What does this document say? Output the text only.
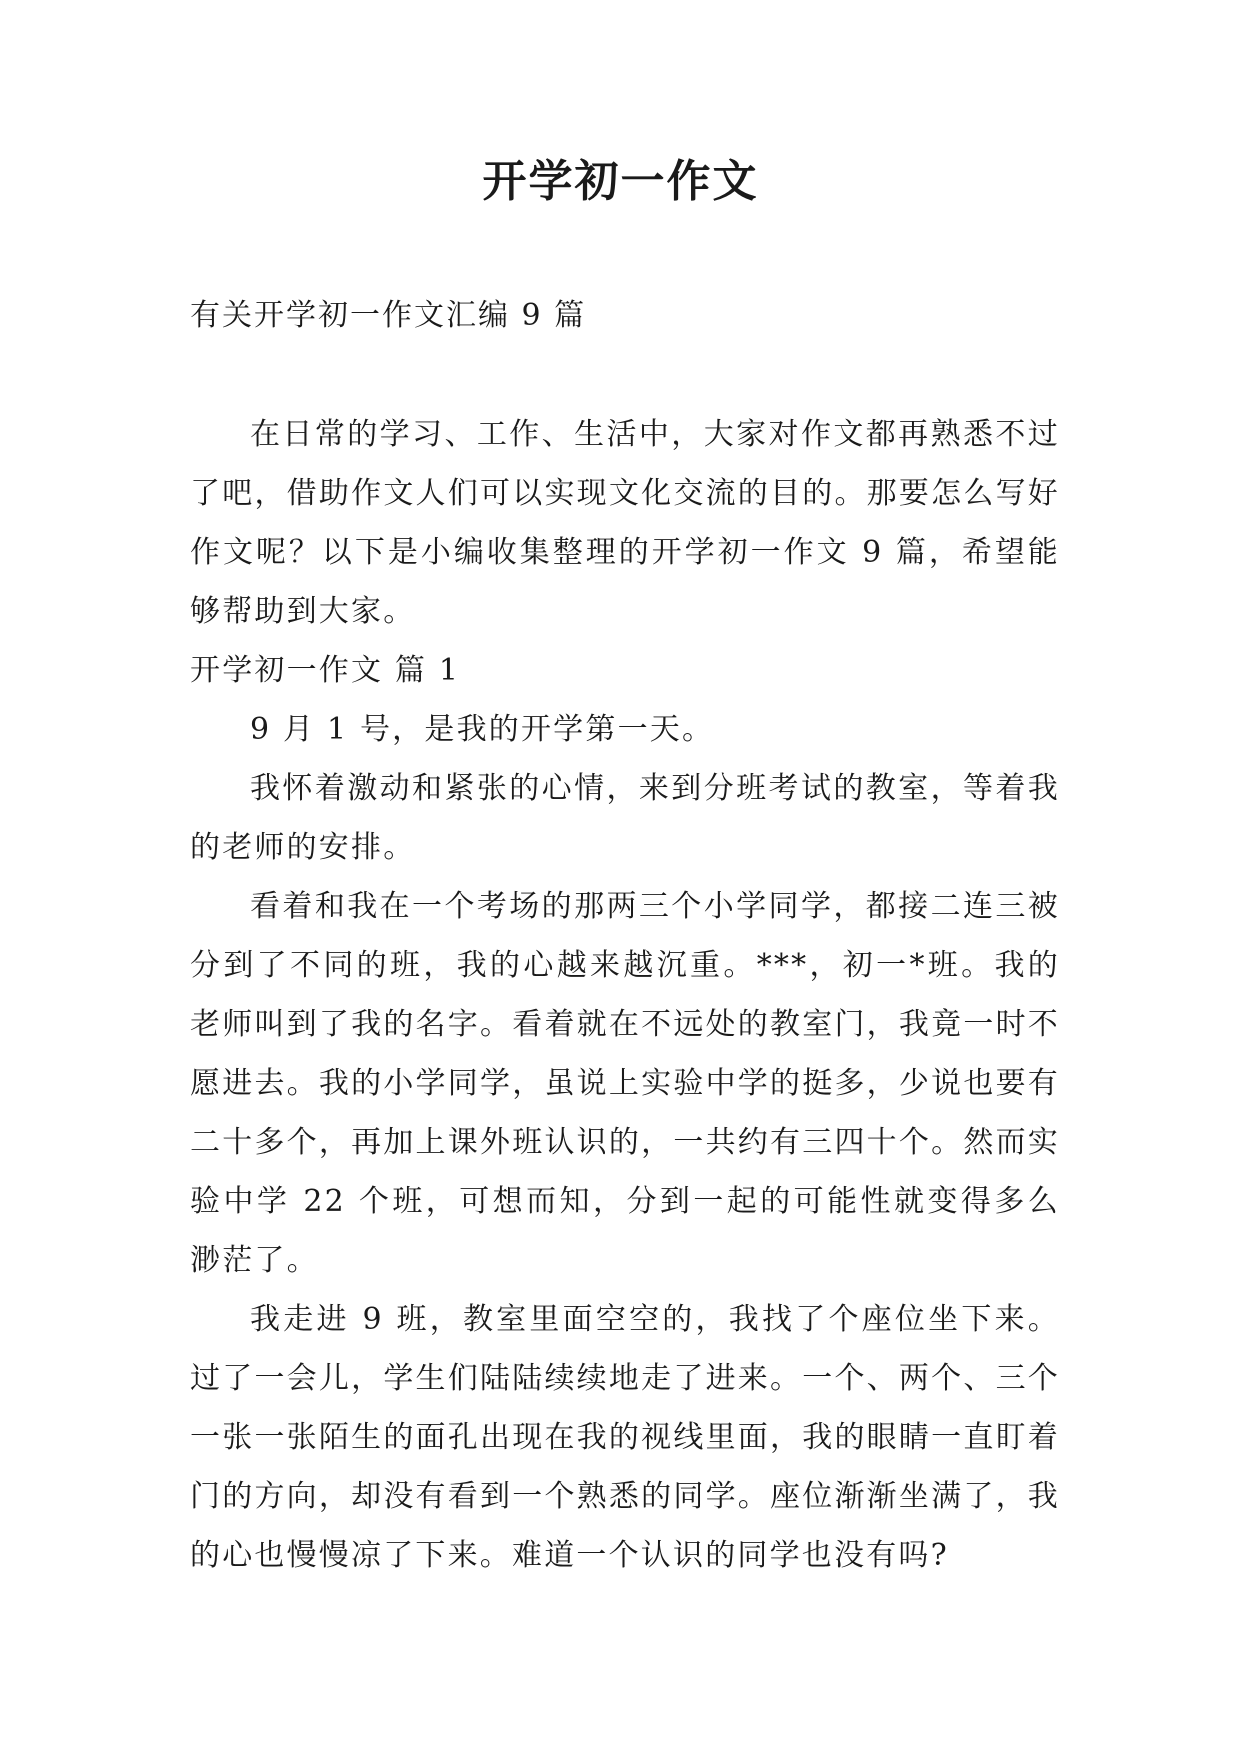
开学初一作文
有关开学初一作文汇编 9 篇

在日常的学习、工作、生活中，大家对作文都再熟悉不过了吧，借助作文人们可以实现文化交流的目的。那要怎么写好作文呢？以下是小编收集整理的开学初一作文 9 篇，希望能够帮助到大家。

开学初一作文 篇 1

9 月 1 号，是我的开学第一天。

我怀着激动和紧张的心情，来到分班考试的教室，等着我的老师的安排。

看着和我在一个考场的那两三个小学同学，都接二连三被分到了不同的班，我的心越来越沉重。***，初一*班。我的老师叫到了我的名字。看着就在不远处的教室门，我竟一时不愿进去。我的小学同学，虽说上实验中学的挺多，少说也要有二十多个，再加上课外班认识的，一共约有三四十个。然而实验中学 22 个班，可想而知，分到一起的可能性就变得多么渺茫了。

我走进 9 班，教室里面空空的，我找了个座位坐下来。过了一会儿，学生们陆陆续续地走了进来。一个、两个、三个一张一张陌生的面孔出现在我的视线里面，我的眼睛一直盯着门的方向，却没有看到一个熟悉的同学。座位渐渐坐满了，我的心也慢慢凉了下来。难道一个认识的同学也没有吗?
